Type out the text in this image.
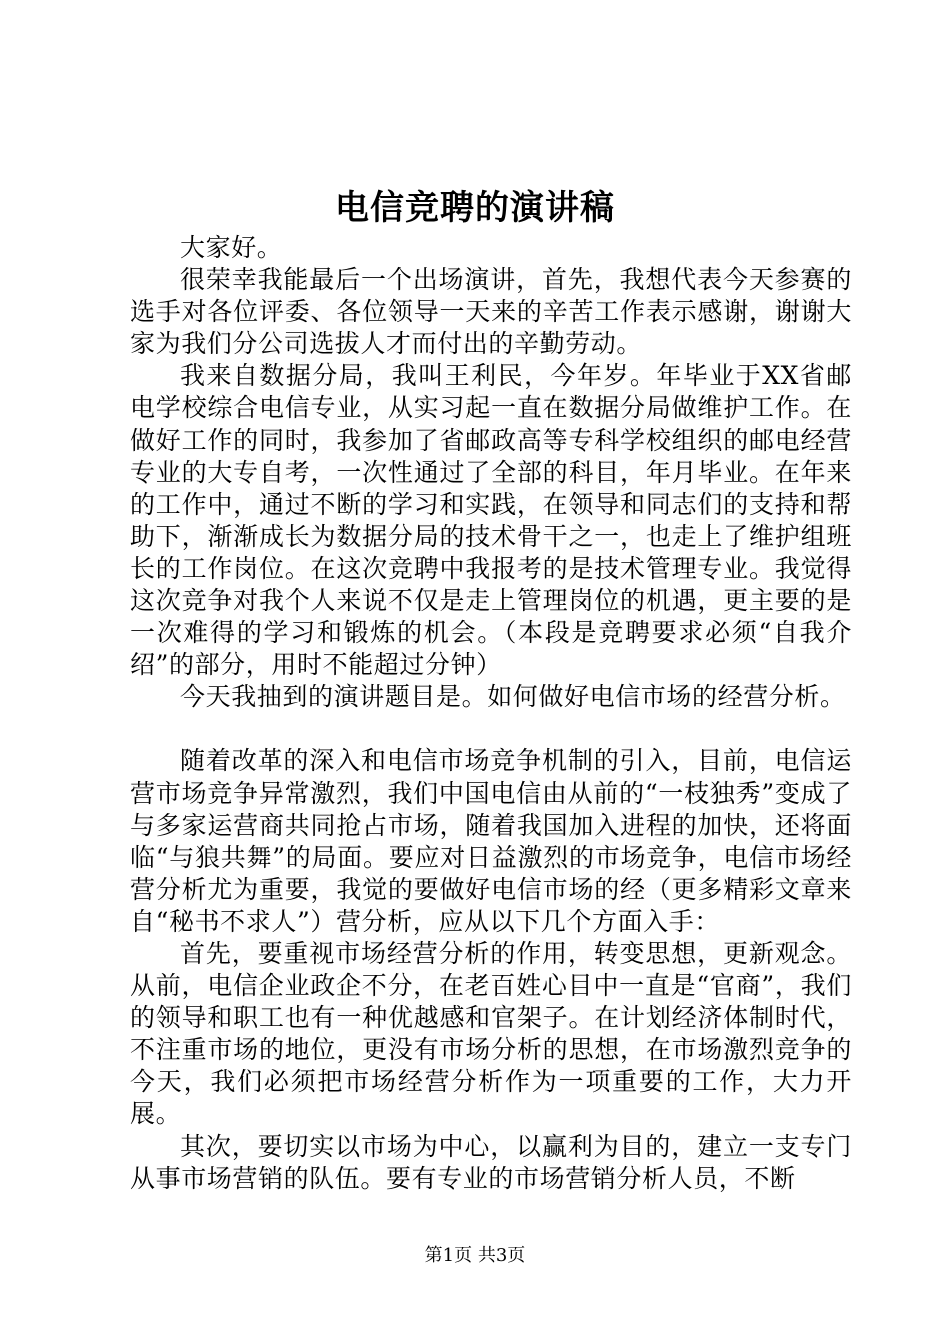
电信竞聘的演讲稿

大家好。

很荣幸我能最后一个出场演讲，首先，我想代表今天参赛的选手对各位评委、各位领导一天来的辛苦工作表示感谢，谢谢大家为我们分公司选拔人才而付出的辛勤劳动。

我来自数据分局，我叫王利民，今年岁。年毕业于XX省邮电学校综合电信专业，从实习起一直在数据分局做维护工作。在做好工作的同时，我参加了省邮政高等专科学校组织的邮电经营专业的大专自考，一次性通过了全部的科目，年月毕业。在年来的工作中，通过不断的学习和实践，在领导和同志们的支持和帮助下，渐渐成长为数据分局的技术骨干之一，也走上了维护组班长的工作岗位。在这次竞聘中我报考的是技术管理专业。我觉得这次竞争对我个人来说不仅是走上管理岗位的机遇，更主要的是一次难得的学习和锻炼的机会。（本段是竞聘要求必须“自我介绍”的部分，用时不能超过分钟）

今天我抽到的演讲题目是。如何做好电信市场的经营分析。

随着改革的深入和电信市场竞争机制的引入，目前，电信运营市场竞争异常激烈，我们中国电信由从前的“一枝独秀”变成了与多家运营商共同抢占市场，随着我国加入进程的加快，还将面临“与狼共舞”的局面。要应对日益激烈的市场竞争，电信市场经营分析尤为重要，我觉的要做好电信市场的经（更多精彩文章来自“秘书不求人”）营分析，应从以下几个方面入手：

首先，要重视市场经营分析的作用，转变思想，更新观念。从前，电信企业政企不分，在老百姓心目中一直是“官商”，我们的领导和职工也有一种优越感和官架子。在计划经济体制时代，不注重市场的地位，更没有市场分析的思想，在市场激烈竞争的今天，我们必须把市场经营分析作为一项重要的工作，大力开展。

其次，要切实以市场为中心，以赢利为目的，建立一支专门从事市场营销的队伍。要有专业的市场营销分析人员，不断

第1页 共3页
